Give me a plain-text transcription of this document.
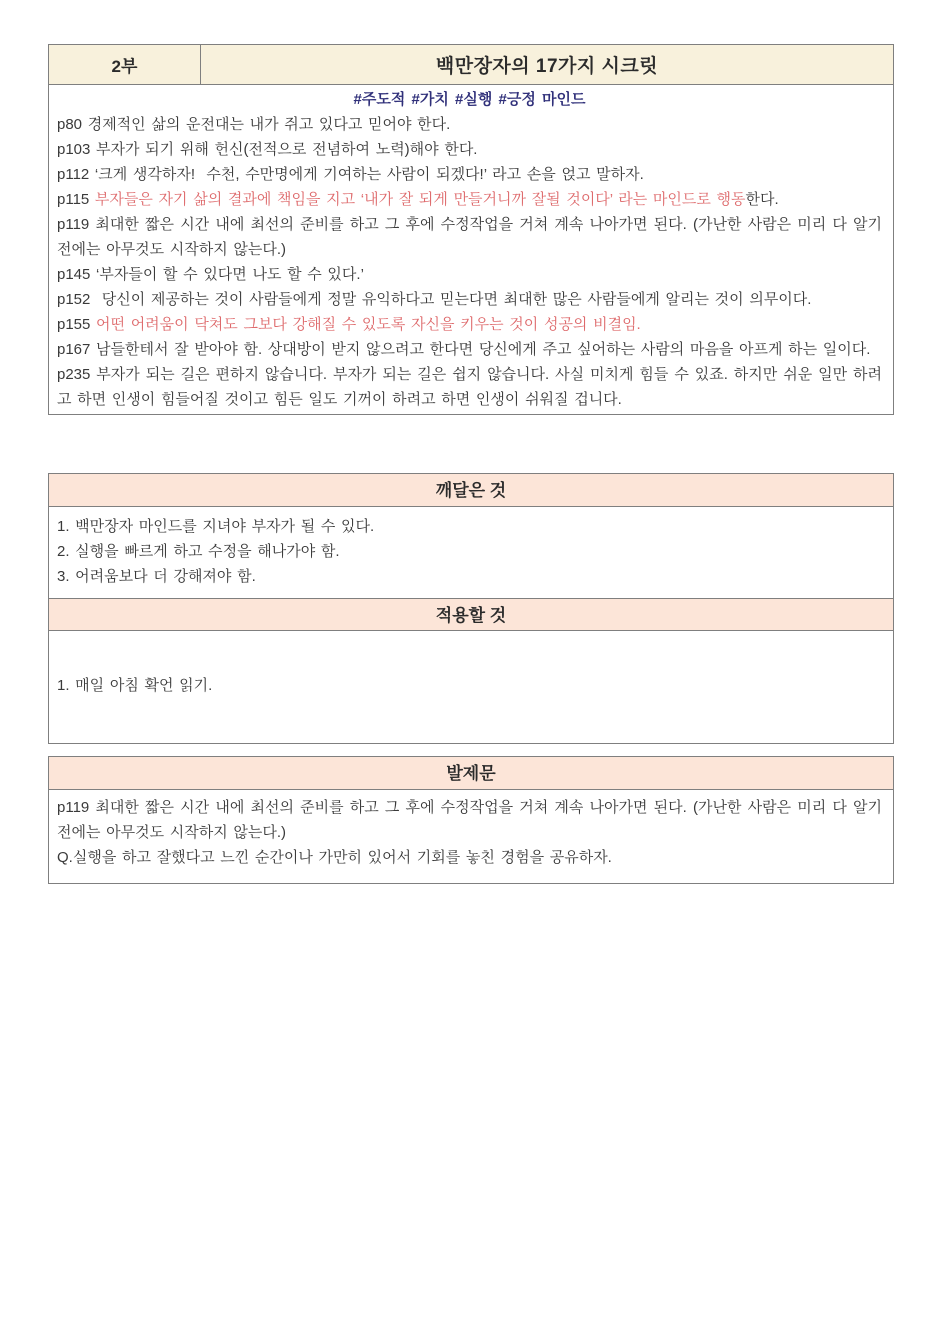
2부	백만장자의 17가지 시크릿

#주도적 #가치 #실행 #긍정 마인드

p80 경제적인 삶의 운전대는 내가 쥐고 있다고 믿어야 한다.

p103 부자가 되기 위해 헌신(전적으로 전념하여 노력)해야 한다.

p112 ‘크게 생각하자!  수천, 수만명에게 기여하는 사람이 되겠다!’ 라고 손을 얹고 말하자.

p115 부자들은 자기 삶의 결과에 책임을 지고 ‘내가 잘 되게 만들거니까 잘될 것이다’ 라는 마인드로 행동한다.

p119 최대한 짧은 시간 내에 최선의 준비를 하고 그 후에 수정작업을 거쳐 계속 나아가면 된다. (가난한 사람은 미리 다 알기 전에는 아무것도 시작하지 않는다.)

p145 ‘부자들이 할 수 있다면 나도 할 수 있다.’

p152  당신이 제공하는 것이 사람들에게 정말 유익하다고 믿는다면 최대한 많은 사람들에게 알리는 것이 의무이다.

p155 어떤 어려움이 닥쳐도 그보다 강해질 수 있도록 자신을 키우는 것이 성공의 비결임.

p167 남들한테서 잘 받아야 함. 상대방이 받지 않으려고 한다면 당신에게 주고 싶어하는 사람의 마음을 아프게 하는 일이다.

p235 부자가 되는 길은 편하지 않습니다. 부자가 되는 길은 쉽지 않습니다. 사실 미치게 힘들 수 있죠. 하지만 쉬운 일만 하려고 하면 인생이 힘들어질 것이고 힘든 일도 기꺼이 하려고 하면 인생이 쉬워질 겁니다.

깨달은 것

1. 백만장자 마인드를 지녀야 부자가 될 수 있다.

2. 실행을 빠르게 하고 수정을 해나가야 함.

3. 어려움보다 더 강해져야 함.

적용할 것

1. 매일 아침 확언 읽기.

발제문

p119 최대한 짧은 시간 내에 최선의 준비를 하고 그 후에 수정작업을 거쳐 계속 나아가면 된다. (가난한 사람은 미리 다 알기 전에는 아무것도 시작하지 않는다.)

Q.실행을 하고 잘했다고 느낀 순간이나 가만히 있어서 기회를 놓친 경험을 공유하자.
